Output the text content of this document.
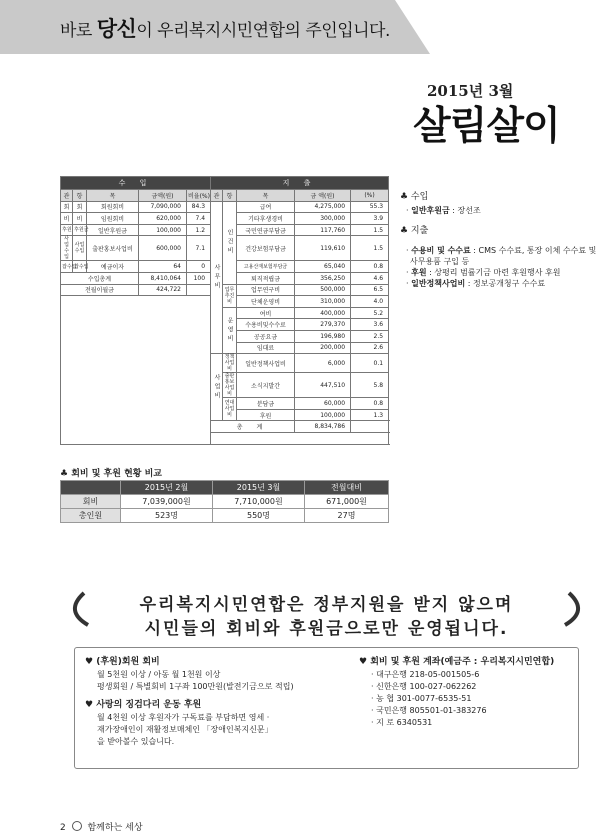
바로 당신이 우리복지시민연합의 주인입니다.
2015년 3월
살림살이
수 입					지 출					
관	항	목	금액(원)	비율(%)	관	항	목	금 액(원)	(%)	
회	회	회원회비	7,090,000	84.3	사무비	인건비	급여	4,275,000	55.3	
비	비	임원회비	620,000	7.4			기타후생경비	300,000	3.9	
후원	후원금	일반후원금	100,000	1.2			국민연금부담금	117,760	1.5	
사업수입	사업수입	출판홍보사업비	600,000	7.1			건강보험부담금	119,610	1.5	
잡수입	잡수입	예금이자	64	0			고용산재보험부담금	65,040	0.8	
수입총계			8,410,064	100			퇴직적립금	356,250	4.6	
전월이월금			424,722			업무추진비	업무연구비	500,000	6.5	
							단체운영비	310,000	4.0	
						운영비	여비	400,000	5.2	
							수용비및수수료	279,370	3.6	
							공공요금	196,980	2.5	
							임대료	200,000	2.6	
					사업비	정책사업비	일반정책사업비	6,000	0.1	
						출판홍보사업비	소식지발간	447,510	5.8	
						연대사업비	분담금	60,000	0.8	
							후원	100,000	1.3	
					총 계			8,834,786				

♣ 수입
· 일반후원금 : 장선조
♣ 지출
· 수용비 및 수수료 : CMS 수수료, 통장 이체 수수료 및 사무용품 구입 등
· 후원 : 상평리 범률기금 마련 후원행사 후원
· 일반정책사업비 : 정보공개청구 수수료
♣ 회비 및 후원 현황 비교
	2015년 2월	2015년 3월	전월대비
회비	7,039,000원	7,710,000원	671,000원
총인원	523명	550명	27명
우리복지시민연합은 정부지원을 받지 않으며
시민들의 회비와 후원금으로만 운영됩니다.
♥ (후원)회원 회비
월 5천원 이상 / 아동 월 1천원 이상
평생회원 / 특별회비 1구좌 100만원(발전기금으로 적립)
♥ 사랑의 징검다리 운동 후원
월 4천원 이상 후원자가 구독료를 부담하면 영세 ·
재가장애인이 재활정보매체인 「장애인복지신문」
을 받아볼수 있습니다.
♥ 회비 및 후원 계좌(예금주 : 우리복지시민연합)
· 대구은행 218-05-001505-6
· 신한은행 100-027-062262
· 농 협 301-0077-6535-51
· 국민은행 805501-01-383276
· 지 로 6340531
2 함께하는 세상
